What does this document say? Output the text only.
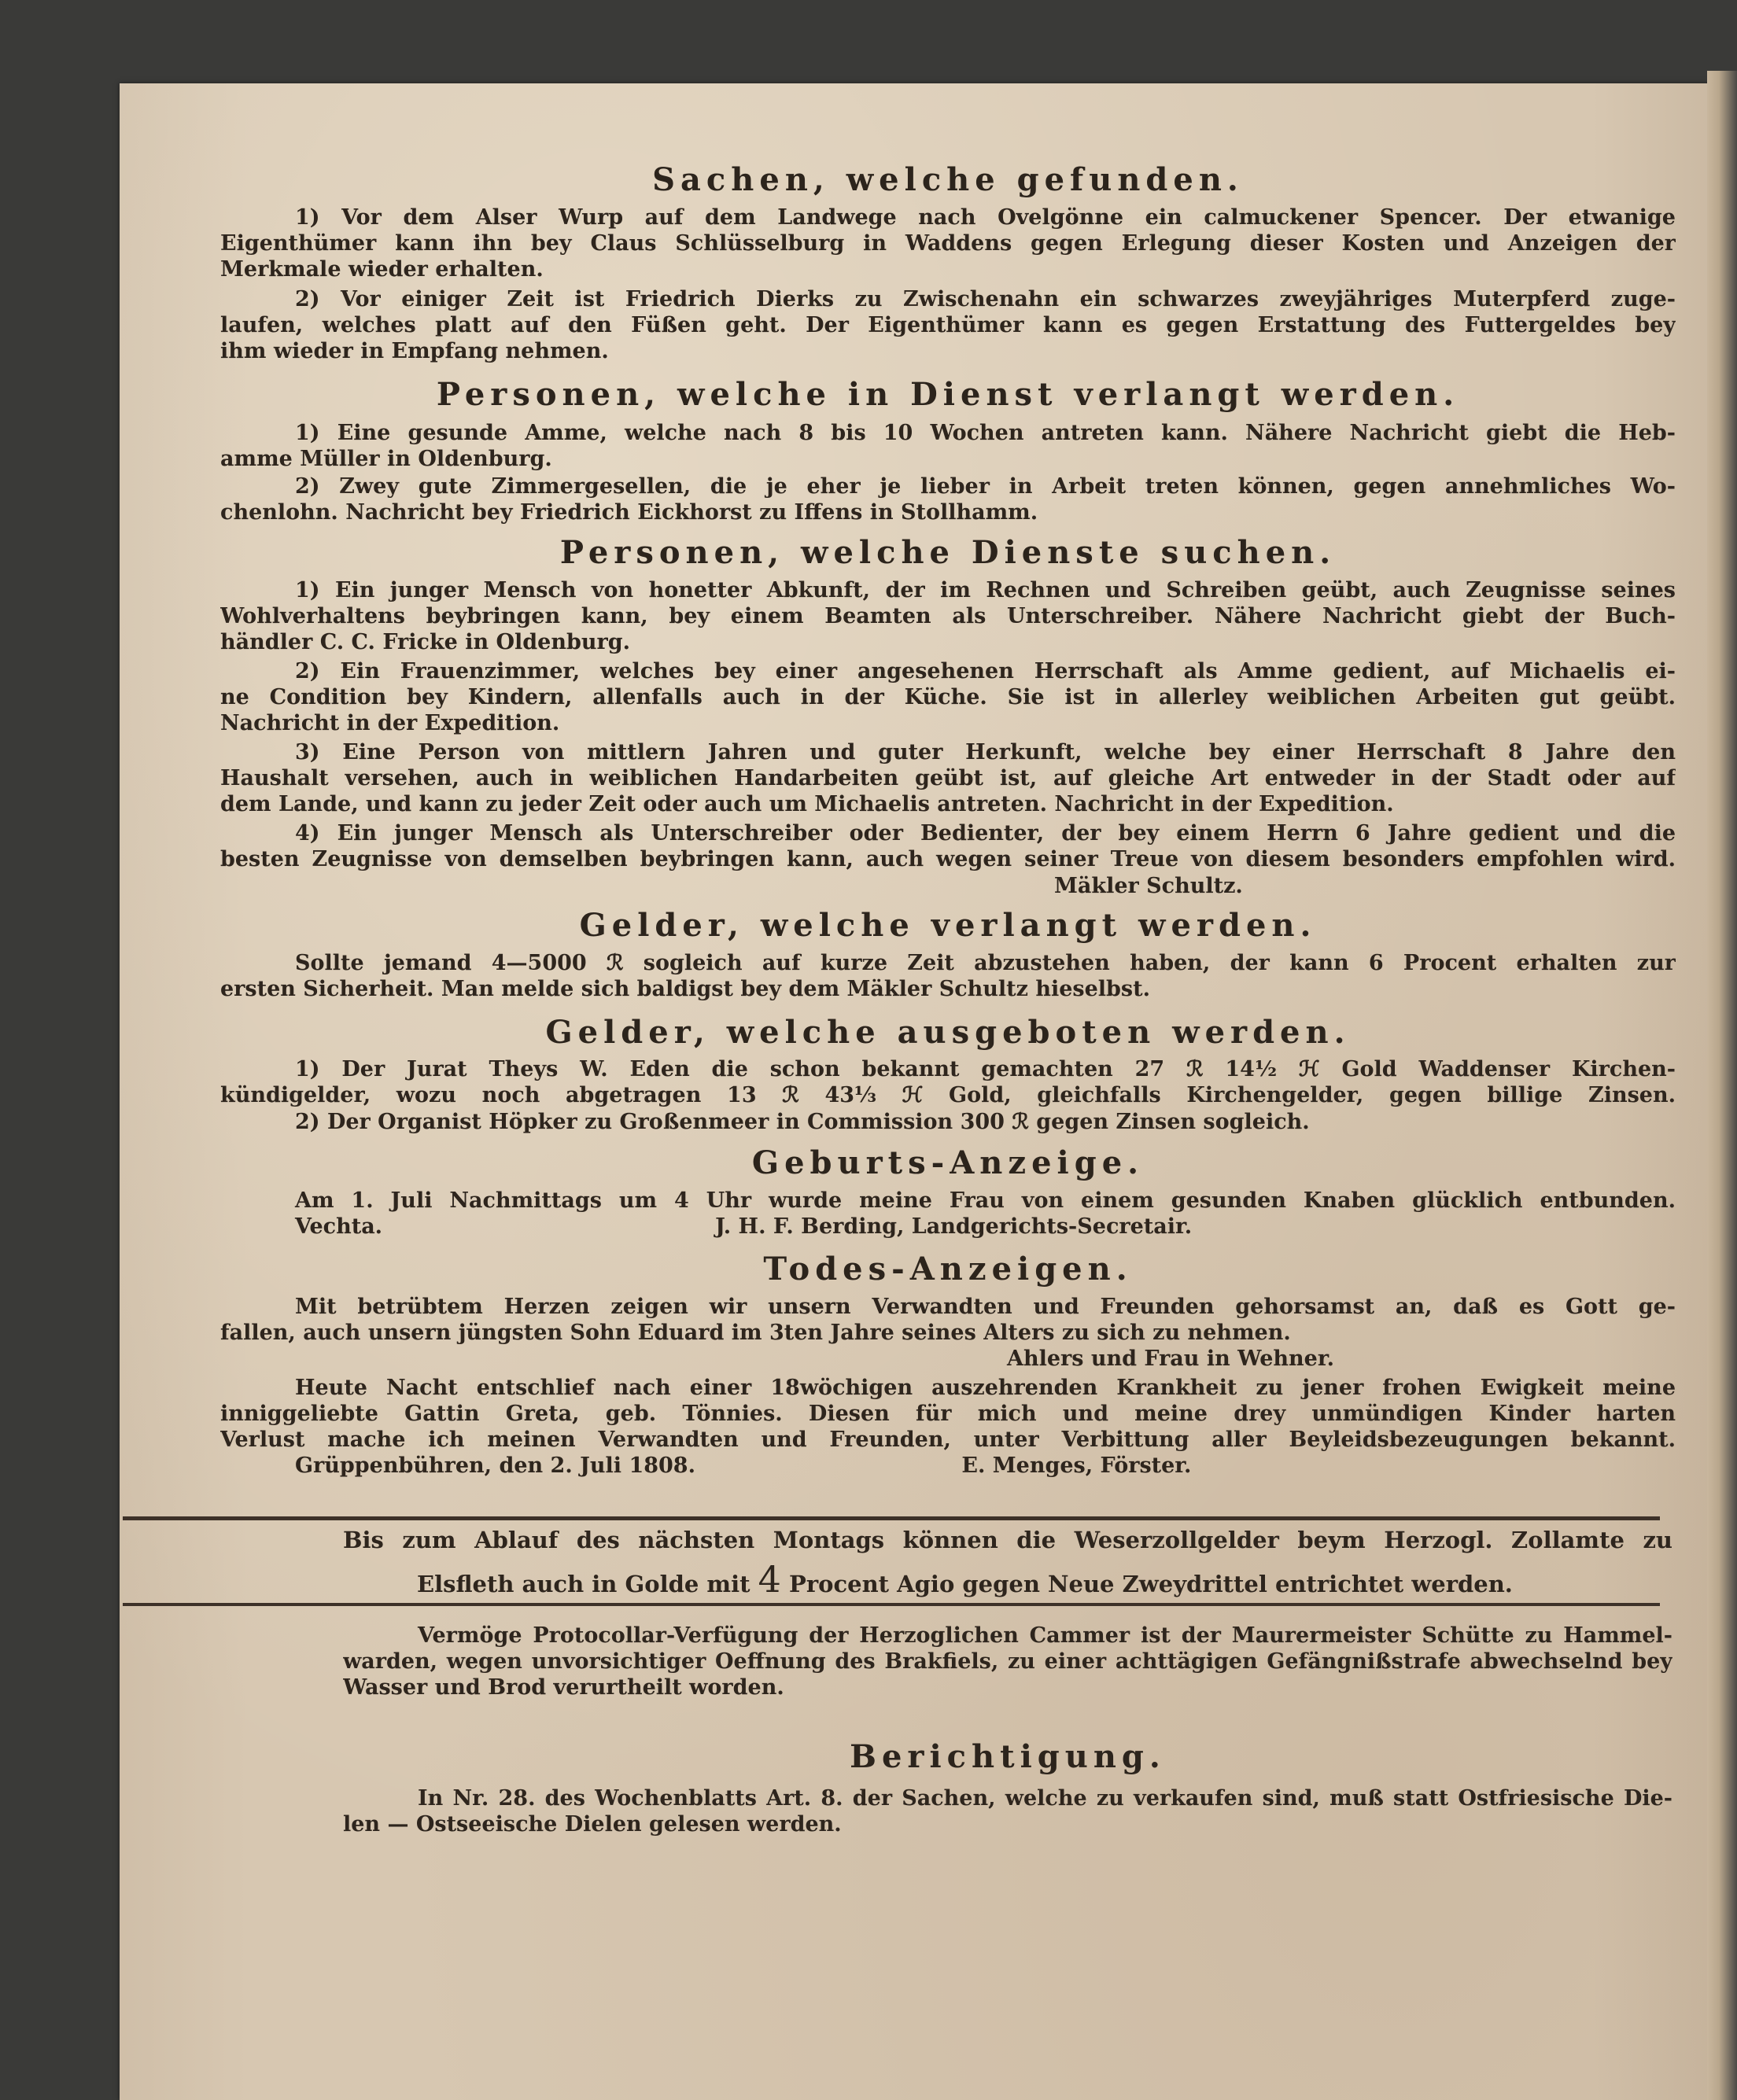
Sachen, welche gefunden.
1) Vor dem Alser Wurp auf dem Landwege nach Ovelgönne ein calmuckener Spencer. Der etwanige
Eigenthümer kann ihn bey Claus Schlüsselburg in Waddens gegen Erlegung dieser Kosten und Anzeigen der
Merkmale wieder erhalten.
2) Vor einiger Zeit ist Friedrich Dierks zu Zwischenahn ein schwarzes zweyjähriges Muterpferd zuge-
laufen, welches platt auf den Füßen geht. Der Eigenthümer kann es gegen Erstattung des Futtergeldes bey
ihm wieder in Empfang nehmen.
Personen, welche in Dienst verlangt werden.
1) Eine gesunde Amme, welche nach 8 bis 10 Wochen antreten kann. Nähere Nachricht giebt die Heb-
amme Müller in Oldenburg.
2) Zwey gute Zimmergesellen, die je eher je lieber in Arbeit treten können, gegen annehmliches Wo-
chenlohn. Nachricht bey Friedrich Eickhorst zu Iffens in Stollhamm.
Personen, welche Dienste suchen.
1) Ein junger Mensch von honetter Abkunft, der im Rechnen und Schreiben geübt, auch Zeugnisse seines
Wohlverhaltens beybringen kann, bey einem Beamten als Unterschreiber. Nähere Nachricht giebt der Buch-
händler C. C. Fricke in Oldenburg.
2) Ein Frauenzimmer, welches bey einer angesehenen Herrschaft als Amme gedient, auf Michaelis ei-
ne Condition bey Kindern, allenfalls auch in der Küche. Sie ist in allerley weiblichen Arbeiten gut geübt.
Nachricht in der Expedition.
3) Eine Person von mittlern Jahren und guter Herkunft, welche bey einer Herrschaft 8 Jahre den
Haushalt versehen, auch in weiblichen Handarbeiten geübt ist, auf gleiche Art entweder in der Stadt oder auf
dem Lande, und kann zu jeder Zeit oder auch um Michaelis antreten. Nachricht in der Expedition.
4) Ein junger Mensch als Unterschreiber oder Bedienter, der bey einem Herrn 6 Jahre gedient und die
besten Zeugnisse von demselben beybringen kann, auch wegen seiner Treue von diesem besonders empfohlen wird.
Mäkler Schultz.
Gelder, welche verlangt werden.
Sollte jemand 4—5000 ℛ sogleich auf kurze Zeit abzustehen haben, der kann 6 Procent erhalten zur
ersten Sicherheit. Man melde sich baldigst bey dem Mäkler Schultz hieselbst.
Gelder, welche ausgeboten werden.
1) Der Jurat Theys W. Eden die schon bekannt gemachten 27 ℛ 14½ ℋ Gold Waddenser Kirchen-
kündigelder, wozu noch abgetragen 13 ℛ 43⅓ ℋ Gold, gleichfalls Kirchengelder, gegen billige Zinsen.
2) Der Organist Höpker zu Großenmeer in Commission 300 ℛ gegen Zinsen sogleich.
Geburts-Anzeige.
Am 1. Juli Nachmittags um 4 Uhr wurde meine Frau von einem gesunden Knaben glücklich entbunden.
Vechta.                                             J. H. F. Berding, Landgerichts-Secretair.
Todes-Anzeigen.
Mit betrübtem Herzen zeigen wir unsern Verwandten und Freunden gehorsamst an, daß es Gott ge-
fallen, auch unsern jüngsten Sohn Eduard im 3ten Jahre seines Alters zu sich zu nehmen.
Ahlers und Frau in Wehner.
Heute Nacht entschlief nach einer 18wöchigen auszehrenden Krankheit zu jener frohen Ewigkeit meine
inniggeliebte Gattin Greta, geb. Tönnies. Diesen für mich und meine drey unmündigen Kinder harten
Verlust mache ich meinen Verwandten und Freunden, unter Verbittung aller Beyleidsbezeugungen bekannt.
Grüppenbühren, den 2. Juli 1808.                                    E. Menges, Förster.
Bis zum Ablauf des nächsten Montags können die Weserzollgelder beym Herzogl. Zollamte zu
Elsfleth auch in Golde mit 4 Procent Agio gegen Neue Zweydrittel entrichtet werden.
Vermöge Protocollar-Verfügung der Herzoglichen Cammer ist der Maurermeister Schütte zu Hammel-
warden, wegen unvorsichtiger Oeffnung des Brakfiels, zu einer achttägigen Gefängnißstrafe abwechselnd bey
Wasser und Brod verurtheilt worden.
Berichtigung.
In Nr. 28. des Wochenblatts Art. 8. der Sachen, welche zu verkaufen sind, muß statt Ostfriesische Die-
len — Ostseeische Dielen gelesen werden.
